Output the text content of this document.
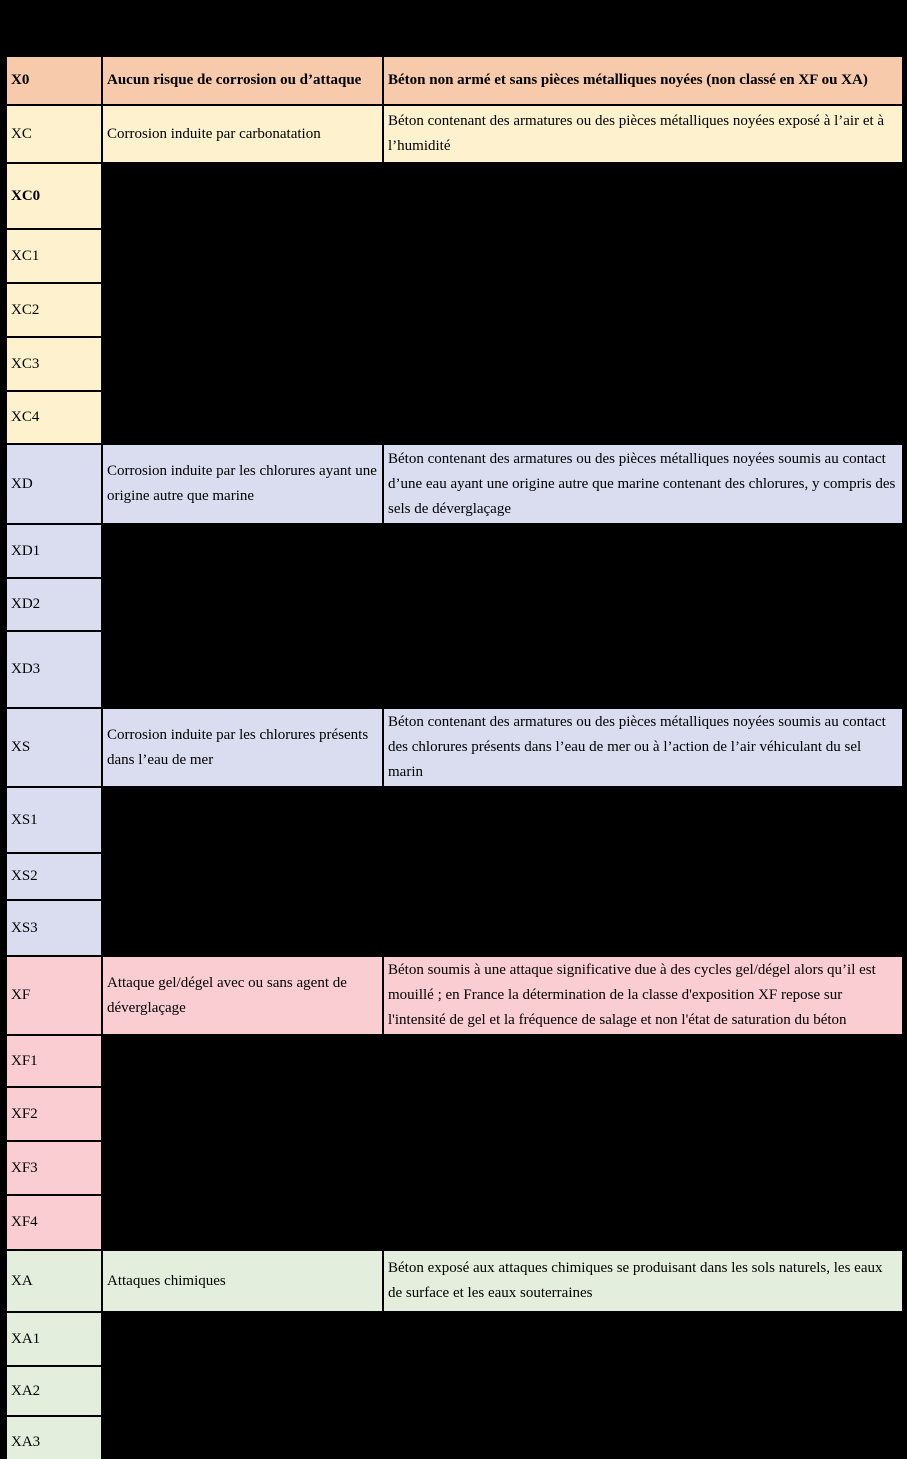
X0	Aucun risque de corrosion ou d’attaque	Béton non armé et sans pièces métalliques noyées (non classé en XF ou XA)
XC	Corrosion induite par carbonatation	Béton contenant des armatures ou des pièces métalliques noyées exposé à l’air et à l’humidité
XC0		
XC1		
XC2		
XC3		
XC4		
XD	Corrosion induite par les chlorures ayant une origine autre que marine	Béton contenant des armatures ou des pièces métalliques noyées soumis au contact d’une eau ayant une origine autre que marine contenant des chlorures, y compris des sels de déverglaçage
XD1		
XD2		
XD3		
XS	Corrosion induite par les chlorures présents dans l’eau de mer	Béton contenant des armatures ou des pièces métalliques noyées soumis au contact des chlorures présents dans l’eau de mer ou à l’action de l’air véhiculant du sel marin
XS1		
XS2		
XS3		
XF	Attaque gel/dégel avec ou sans agent de déverglaçage	Béton soumis à une attaque significative due à des cycles gel/dégel alors qu’il est mouillé ; en France la détermination de la classe d'exposition XF repose sur l'intensité de gel et la fréquence de salage et non l'état de saturation du béton
XF1		
XF2		
XF3		
XF4		
XA	Attaques chimiques	Béton exposé aux attaques chimiques se produisant dans les sols naturels, les eaux de surface et les eaux souterraines
XA1		
XA2		
XA3		
